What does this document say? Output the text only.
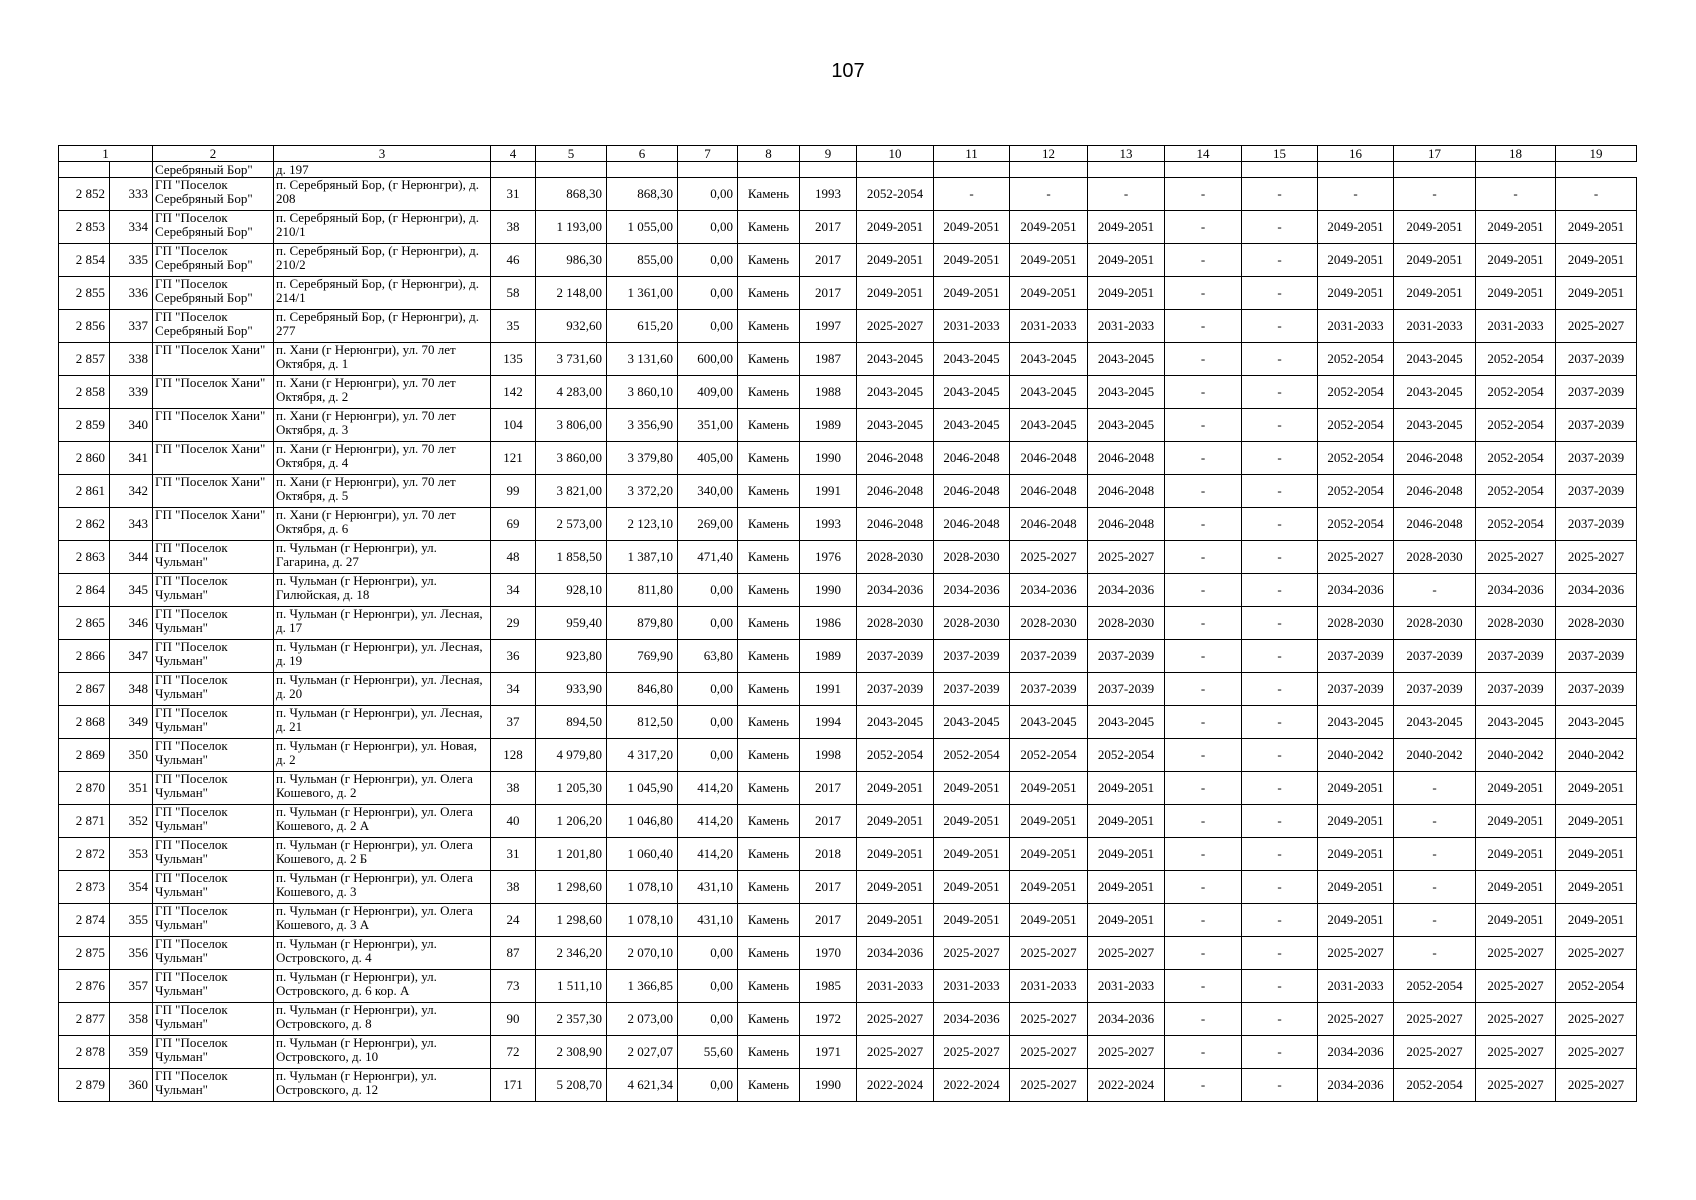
107
1		2	3	4	5	6	7	8	9	10	11	12	13	14	15	16	17	18	19
		Серебряный Бор"	д. 197																
2 852	333	ГП "Поселок Серебряный Бор"	п. Серебряный Бор, (г Нерюнгри), д. 208	31	868,30	868,30	0,00	Камень	1993	2052-2054	-	-	-	-	-	-	-	-	-
2 853	334	ГП "Поселок Серебряный Бор"	п. Серебряный Бор, (г Нерюнгри), д. 210/1	38	1 193,00	1 055,00	0,00	Камень	2017	2049-2051	2049-2051	2049-2051	2049-2051	-	-	2049-2051	2049-2051	2049-2051	2049-2051
2 854	335	ГП "Поселок Серебряный Бор"	п. Серебряный Бор, (г Нерюнгри), д. 210/2	46	986,30	855,00	0,00	Камень	2017	2049-2051	2049-2051	2049-2051	2049-2051	-	-	2049-2051	2049-2051	2049-2051	2049-2051
2 855	336	ГП "Поселок Серебряный Бор"	п. Серебряный Бор, (г Нерюнгри), д. 214/1	58	2 148,00	1 361,00	0,00	Камень	2017	2049-2051	2049-2051	2049-2051	2049-2051	-	-	2049-2051	2049-2051	2049-2051	2049-2051
2 856	337	ГП "Поселок Серебряный Бор"	п. Серебряный Бор, (г Нерюнгри), д. 277	35	932,60	615,20	0,00	Камень	1997	2025-2027	2031-2033	2031-2033	2031-2033	-	-	2031-2033	2031-2033	2031-2033	2025-2027
2 857	338	ГП "Поселок Хани"	п. Хани (г Нерюнгри), ул. 70 лет Октября, д. 1	135	3 731,60	3 131,60	600,00	Камень	1987	2043-2045	2043-2045	2043-2045	2043-2045	-	-	2052-2054	2043-2045	2052-2054	2037-2039
2 858	339	ГП "Поселок Хани"	п. Хани (г Нерюнгри), ул. 70 лет Октября, д. 2	142	4 283,00	3 860,10	409,00	Камень	1988	2043-2045	2043-2045	2043-2045	2043-2045	-	-	2052-2054	2043-2045	2052-2054	2037-2039
2 859	340	ГП "Поселок Хани"	п. Хани (г Нерюнгри), ул. 70 лет Октября, д. 3	104	3 806,00	3 356,90	351,00	Камень	1989	2043-2045	2043-2045	2043-2045	2043-2045	-	-	2052-2054	2043-2045	2052-2054	2037-2039
2 860	341	ГП "Поселок Хани"	п. Хани (г Нерюнгри), ул. 70 лет Октября, д. 4	121	3 860,00	3 379,80	405,00	Камень	1990	2046-2048	2046-2048	2046-2048	2046-2048	-	-	2052-2054	2046-2048	2052-2054	2037-2039
2 861	342	ГП "Поселок Хани"	п. Хани (г Нерюнгри), ул. 70 лет Октября, д. 5	99	3 821,00	3 372,20	340,00	Камень	1991	2046-2048	2046-2048	2046-2048	2046-2048	-	-	2052-2054	2046-2048	2052-2054	2037-2039
2 862	343	ГП "Поселок Хани"	п. Хани (г Нерюнгри), ул. 70 лет Октября, д. 6	69	2 573,00	2 123,10	269,00	Камень	1993	2046-2048	2046-2048	2046-2048	2046-2048	-	-	2052-2054	2046-2048	2052-2054	2037-2039
2 863	344	ГП "Поселок Чульман"	п. Чульман (г Нерюнгри), ул. Гагарина, д. 27	48	1 858,50	1 387,10	471,40	Камень	1976	2028-2030	2028-2030	2025-2027	2025-2027	-	-	2025-2027	2028-2030	2025-2027	2025-2027
2 864	345	ГП "Поселок Чульман"	п. Чульман (г Нерюнгри), ул. Гилюйская, д. 18	34	928,10	811,80	0,00	Камень	1990	2034-2036	2034-2036	2034-2036	2034-2036	-	-	2034-2036	-	2034-2036	2034-2036
2 865	346	ГП "Поселок Чульман"	п. Чульман (г Нерюнгри), ул. Лесная, д. 17	29	959,40	879,80	0,00	Камень	1986	2028-2030	2028-2030	2028-2030	2028-2030	-	-	2028-2030	2028-2030	2028-2030	2028-2030
2 866	347	ГП "Поселок Чульман"	п. Чульман (г Нерюнгри), ул. Лесная, д. 19	36	923,80	769,90	63,80	Камень	1989	2037-2039	2037-2039	2037-2039	2037-2039	-	-	2037-2039	2037-2039	2037-2039	2037-2039
2 867	348	ГП "Поселок Чульман"	п. Чульман (г Нерюнгри), ул. Лесная, д. 20	34	933,90	846,80	0,00	Камень	1991	2037-2039	2037-2039	2037-2039	2037-2039	-	-	2037-2039	2037-2039	2037-2039	2037-2039
2 868	349	ГП "Поселок Чульман"	п. Чульман (г Нерюнгри), ул. Лесная, д. 21	37	894,50	812,50	0,00	Камень	1994	2043-2045	2043-2045	2043-2045	2043-2045	-	-	2043-2045	2043-2045	2043-2045	2043-2045
2 869	350	ГП "Поселок Чульман"	п. Чульман (г Нерюнгри), ул. Новая, д. 2	128	4 979,80	4 317,20	0,00	Камень	1998	2052-2054	2052-2054	2052-2054	2052-2054	-	-	2040-2042	2040-2042	2040-2042	2040-2042
2 870	351	ГП "Поселок Чульман"	п. Чульман (г Нерюнгри), ул. Олега Кошевого, д. 2	38	1 205,30	1 045,90	414,20	Камень	2017	2049-2051	2049-2051	2049-2051	2049-2051	-	-	2049-2051	-	2049-2051	2049-2051
2 871	352	ГП "Поселок Чульман"	п. Чульман (г Нерюнгри), ул. Олега Кошевого, д. 2 А	40	1 206,20	1 046,80	414,20	Камень	2017	2049-2051	2049-2051	2049-2051	2049-2051	-	-	2049-2051	-	2049-2051	2049-2051
2 872	353	ГП "Поселок Чульман"	п. Чульман (г Нерюнгри), ул. Олега Кошевого, д. 2 Б	31	1 201,80	1 060,40	414,20	Камень	2018	2049-2051	2049-2051	2049-2051	2049-2051	-	-	2049-2051	-	2049-2051	2049-2051
2 873	354	ГП "Поселок Чульман"	п. Чульман (г Нерюнгри), ул. Олега Кошевого, д. 3	38	1 298,60	1 078,10	431,10	Камень	2017	2049-2051	2049-2051	2049-2051	2049-2051	-	-	2049-2051	-	2049-2051	2049-2051
2 874	355	ГП "Поселок Чульман"	п. Чульман (г Нерюнгри), ул. Олега Кошевого, д. 3 А	24	1 298,60	1 078,10	431,10	Камень	2017	2049-2051	2049-2051	2049-2051	2049-2051	-	-	2049-2051	-	2049-2051	2049-2051
2 875	356	ГП "Поселок Чульман"	п. Чульман (г Нерюнгри), ул. Островского, д. 4	87	2 346,20	2 070,10	0,00	Камень	1970	2034-2036	2025-2027	2025-2027	2025-2027	-	-	2025-2027	-	2025-2027	2025-2027
2 876	357	ГП "Поселок Чульман"	п. Чульман (г Нерюнгри), ул. Островского, д. 6 кор. А	73	1 511,10	1 366,85	0,00	Камень	1985	2031-2033	2031-2033	2031-2033	2031-2033	-	-	2031-2033	2052-2054	2025-2027	2052-2054
2 877	358	ГП "Поселок Чульман"	п. Чульман (г Нерюнгри), ул. Островского, д. 8	90	2 357,30	2 073,00	0,00	Камень	1972	2025-2027	2034-2036	2025-2027	2034-2036	-	-	2025-2027	2025-2027	2025-2027	2025-2027
2 878	359	ГП "Поселок Чульман"	п. Чульман (г Нерюнгри), ул. Островского, д. 10	72	2 308,90	2 027,07	55,60	Камень	1971	2025-2027	2025-2027	2025-2027	2025-2027	-	-	2034-2036	2025-2027	2025-2027	2025-2027
2 879	360	ГП "Поселок Чульман"	п. Чульман (г Нерюнгри), ул. Островского, д. 12	171	5 208,70	4 621,34	0,00	Камень	1990	2022-2024	2022-2024	2025-2027	2022-2024	-	-	2034-2036	2052-2054	2025-2027	2025-2027
